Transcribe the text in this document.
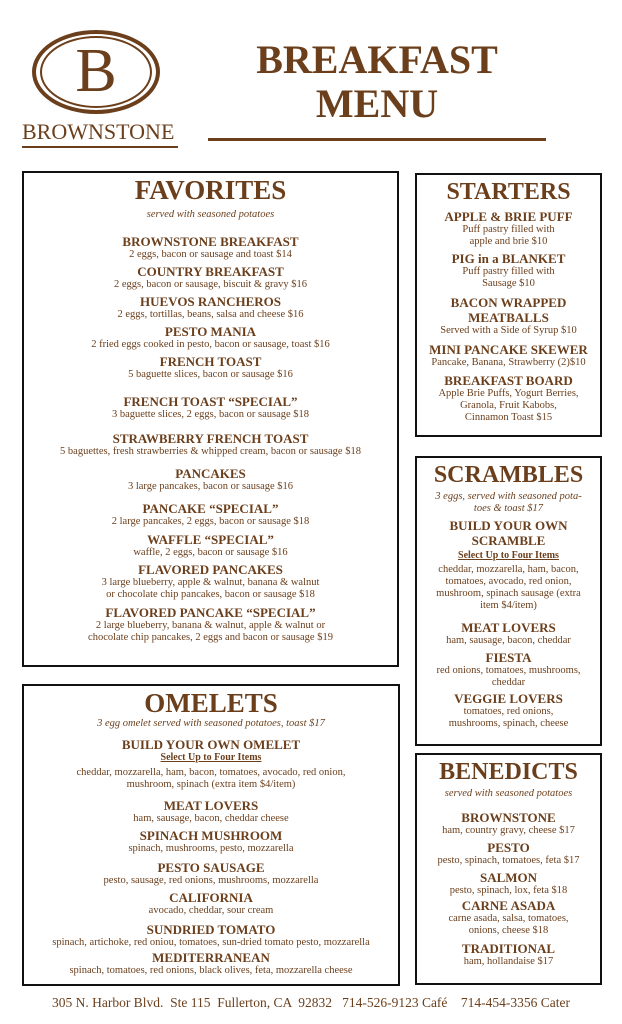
B
BROWNSTONE
BREAKFAST
MENU
FAVORITES
served with seasoned potatoes
BROWNSTONE BREAKFAST
2 eggs, bacon or sausage and toast $14
COUNTRY BREAKFAST
2 eggs, bacon or sausage, biscuit & gravy $16
HUEVOS RANCHEROS
2 eggs, tortillas, beans, salsa and cheese $16
PESTO MANIA
2 fried eggs cooked in pesto, bacon or sausage, toast $16
FRENCH TOAST
5 baguette slices, bacon or sausage $16
FRENCH TOAST “SPECIAL”
3 baguette slices, 2 eggs, bacon or sausage $18
STRAWBERRY FRENCH TOAST
5 baguettes, fresh strawberries & whipped cream, bacon or sausage $18
PANCAKES
3 large pancakes, bacon or sausage $16
PANCAKE “SPECIAL”
2 large pancakes, 2 eggs, bacon or sausage $18
WAFFLE “SPECIAL”
waffle, 2 eggs, bacon or sausage $16
FLAVORED PANCAKES
3 large blueberry, apple & walnut, banana & walnut
or chocolate chip pancakes, bacon or sausage $18
FLAVORED PANCAKE “SPECIAL”
2 large blueberry, banana & walnut, apple & walnut or
chocolate chip pancakes, 2 eggs and bacon or sausage $19
OMELETS
3 egg omelet served with seasoned potatoes, toast $17
BUILD YOUR OWN OMELET
Select Up to Four Items
cheddar, mozzarella, ham, bacon, tomatoes, avocado, red onion,
mushroom, spinach (extra item $4/item)
MEAT LOVERS
ham, sausage, bacon, cheddar cheese
SPINACH MUSHROOM
spinach, mushrooms, pesto, mozzarella
PESTO SAUSAGE
pesto, sausage, red onions, mushrooms, mozzarella
CALIFORNIA
avocado, cheddar, sour cream
SUNDRIED TOMATO
spinach, artichoke, red oniou, tomatoes, sun-dried tomato pesto, mozzarella
MEDITERRANEAN
spinach, tomatoes, red onions, black olives, feta, mozzarella cheese
STARTERS
APPLE & BRIE PUFF
Puff pastry filled with
apple and brie $10
PIG in a BLANKET
Puff pastry filled with
Sausage $10
BACON WRAPPED
MEATBALLS
Served with a Side of Syrup $10
MINI PANCAKE SKEWER
Pancake, Banana, Strawberry (2)$10
BREAKFAST BOARD
Apple Brie Puffs, Yogurt Berries,
Granola, Fruit Kabobs,
Cinnamon Toast $15
SCRAMBLES
3 eggs, served with seasoned pota-
toes & toast $17
BUILD YOUR OWN
SCRAMBLE
Select Up to Four Items
cheddar, mozzarella, ham, bacon,
tomatoes, avocado, red onion,
mushroom, spinach sausage (extra
item $4/item)
MEAT LOVERS
ham, sausage, bacon, cheddar
FIESTA
red onions, tomatoes, mushrooms,
cheddar
VEGGIE LOVERS
tomatoes, red onions,
mushrooms, spinach, cheese
BENEDICTS
served with seasoned potatoes
BROWNSTONE
ham, country gravy, cheese $17
PESTO
pesto, spinach, tomatoes, feta $17
SALMON
pesto, spinach, lox, feta $18
CARNE ASADA
carne asada, salsa, tomatoes,
onions, cheese $18
TRADITIONAL
ham, hollandaise $17
305 N. Harbor Blvd.  Ste 115  Fullerton, CA  92832   714-526-9123 Café    714-454-3356 Cater
